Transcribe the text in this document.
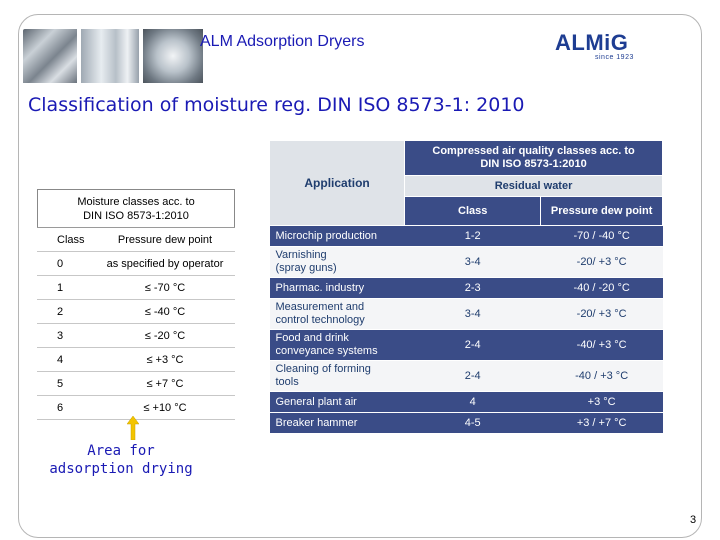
ALM Adsorption Dryers	ALMiG
since 1923
Classification of moisture reg. DIN ISO 8573-1: 2010
Moisture classes acc. to
DIN ISO 8573-1:2010
Class	Pressure dew point
0	as specified by operator
1	≤ -70 °C
2	≤ -40 °C
3	≤ -20 °C
4	≤ +3 °C
5	≤ +7 °C
6	≤ +10 °C
Area for
adsorption drying
Application	Compressed air quality classes acc. to
DIN ISO 8573-1:2010	

	Residual water	
	Class	Pressure dew point
Microchip production	1-2	-70 / -40 °C

Varnishing
(spray guns)	3-4	-20/ +3 °C
Pharmac. industry	2-3	-40 / -20 °C

Measurement and
control technology	3-4	-20/ +3 °C

Food and drink
conveyance systems	2-4	-40/ +3 °C

Cleaning of forming
tools	2-4	-40 / +3 °C
General plant air	4	+3 °C
Breaker hammer	4-5	+3 / +7 °C
3
